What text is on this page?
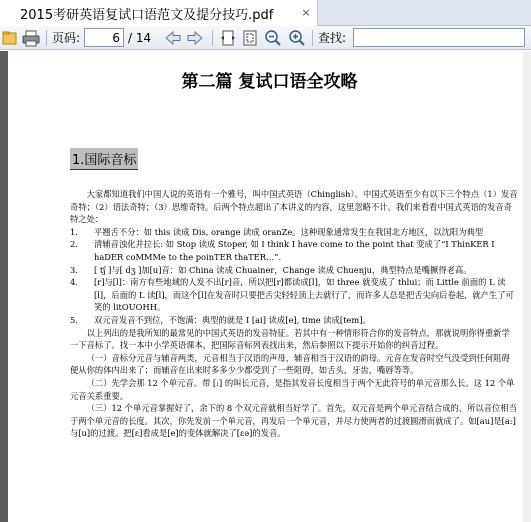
2015考研英语复试口语范文及提分技巧.pdf	×
页码:
6	/ 14	查找:
第二篇 复试口语全攻略
1.国际音标

大家都知道我们中国人说的英语有一个雅号，叫中国式英语（Chinglish）。中国式英语至少有以下三个特点（1）发音奇特；（2）语法奇特；（3）思维奇特。后两个特点超出了本讲义的内容，这里忽略不计。我们来看看中国式英语的发音奇特之处：

1.	平翘舌不分：如 this 读成 Dis, orange 读成 oranZe。这种现象通常发生在我国北方地区，以沈阳为典型
2.	清辅音浊化并拉长: 如 Stop 读成 Stoper, 如 I think I have come to the point that 变成了“I ThinKER I haDER coMMMe to the poinTER thaTER…”.
3.	[ tʃ ]与[ dʒ ]加[u]音：如 China 读成 Chuainer，Change 读成 Chuenju，典型特点是嘴撅得老高。
4.	[r]与[l]：南方有些地域的人发不出[r]音，所以把[r]都读成[l]，如 three 就变成了 thlui；而 Little 前面的 L 读[l]，后面的 L 读[l]，而这个[l]在发音时只要把舌尖轻轻顶上去就行了，而许多人总是把舌尖向后卷起，就产生了可笑的 litOUOHH。
5.	双元音发音不到位，不饱满：典型的就是 I [ai] 读成[e], time 读成[tem]。

以上列出的是我所知的最常见的中国式英语的发音特征。若其中有一种情形符合你的发音特点，那就说明你得重新学一下音标了。找一本中小学英语课本，把国际音标列表找出来，然后参照以下提示开始你的纠音过程。

（一）音标分元音与辅音两类，元音相当于汉语的声母，辅音相当于汉语的韵母。元音在发音时空气没受到任何阻碍便从你的体内出来了；而辅音在出来时多多少少都受到了一些阻碍，如舌头，牙齿，嘴唇等等。

（二）先学会那 12 个单元音。带 [:] 的叫长元音，是指其发音长度相当于两个无此符号的单元音那么长。这 12 个单元音关系重要。

（三）12 个单元音掌握好了，余下的 8 个双元音就相当好学了。首先，双元音是两个单元音结合成的，所以音位相当于两个单元音的长度。其次，你先发前一个单元音，再发后一个单元音，并尽力使两者的过渡圆滑而就成了。如[au]是[a:]与[u]的过渡。把[ε]看成是[e]的变体就解决了[εə]的发音。
